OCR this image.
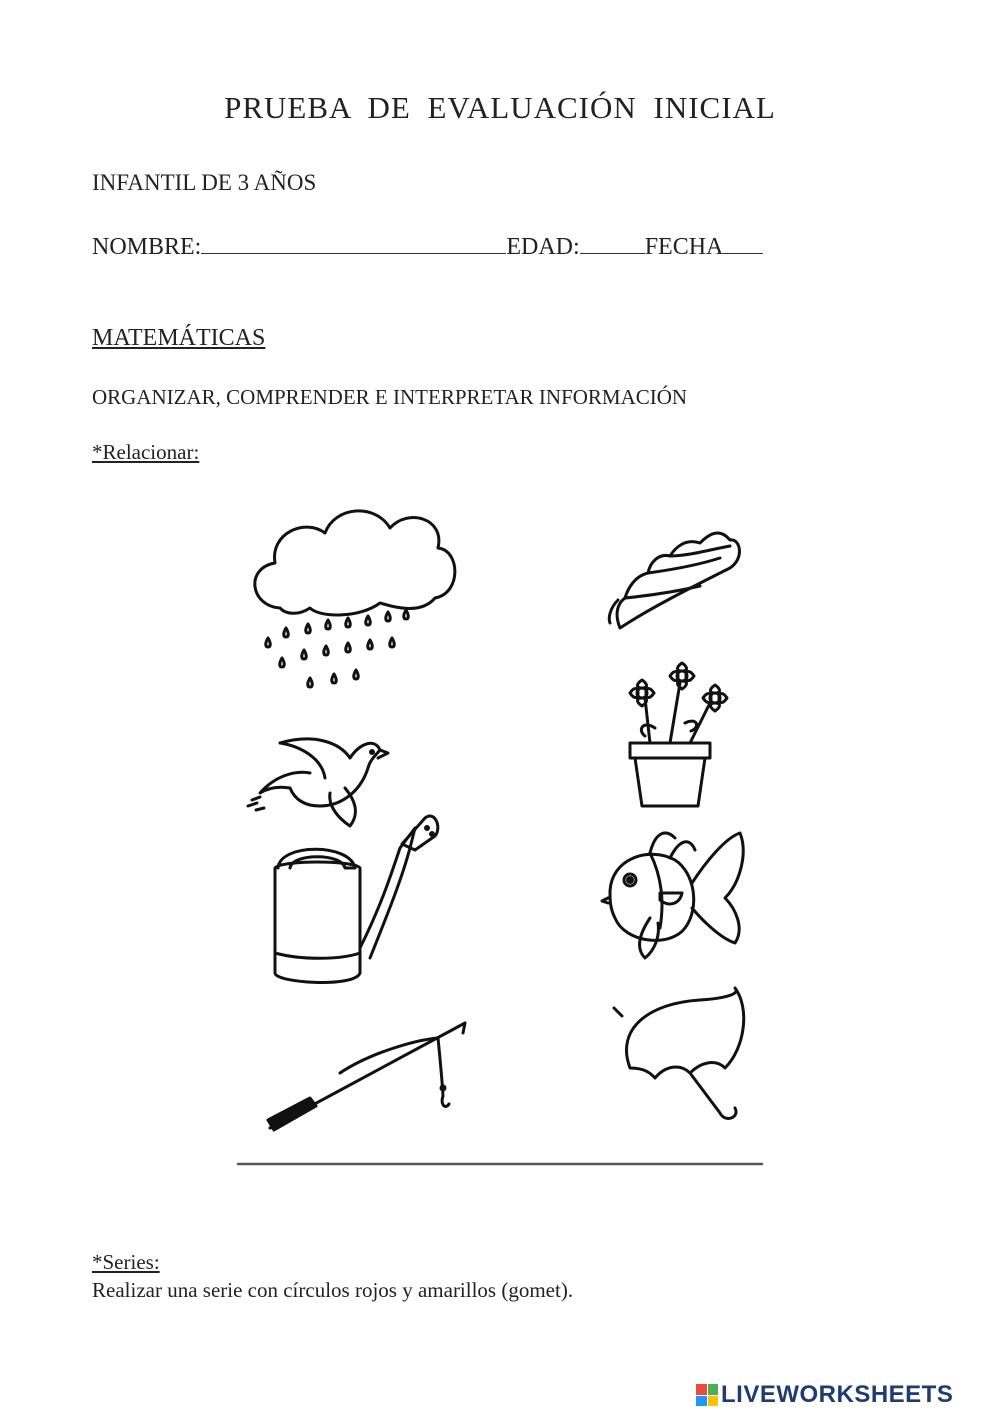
PRUEBA DE EVALUACIÓN INICIAL
INFANTIL DE 3 AÑOS
NOMBRE:	EDAD:	FECHA
MATEMÁTICAS
ORGANIZAR, COMPRENDER E INTERPRETAR INFORMACIÓN
*Relacionar:
*Series:
Realizar una serie con círculos rojos y amarillos (gomet).
LIVEWORKSHEETS
